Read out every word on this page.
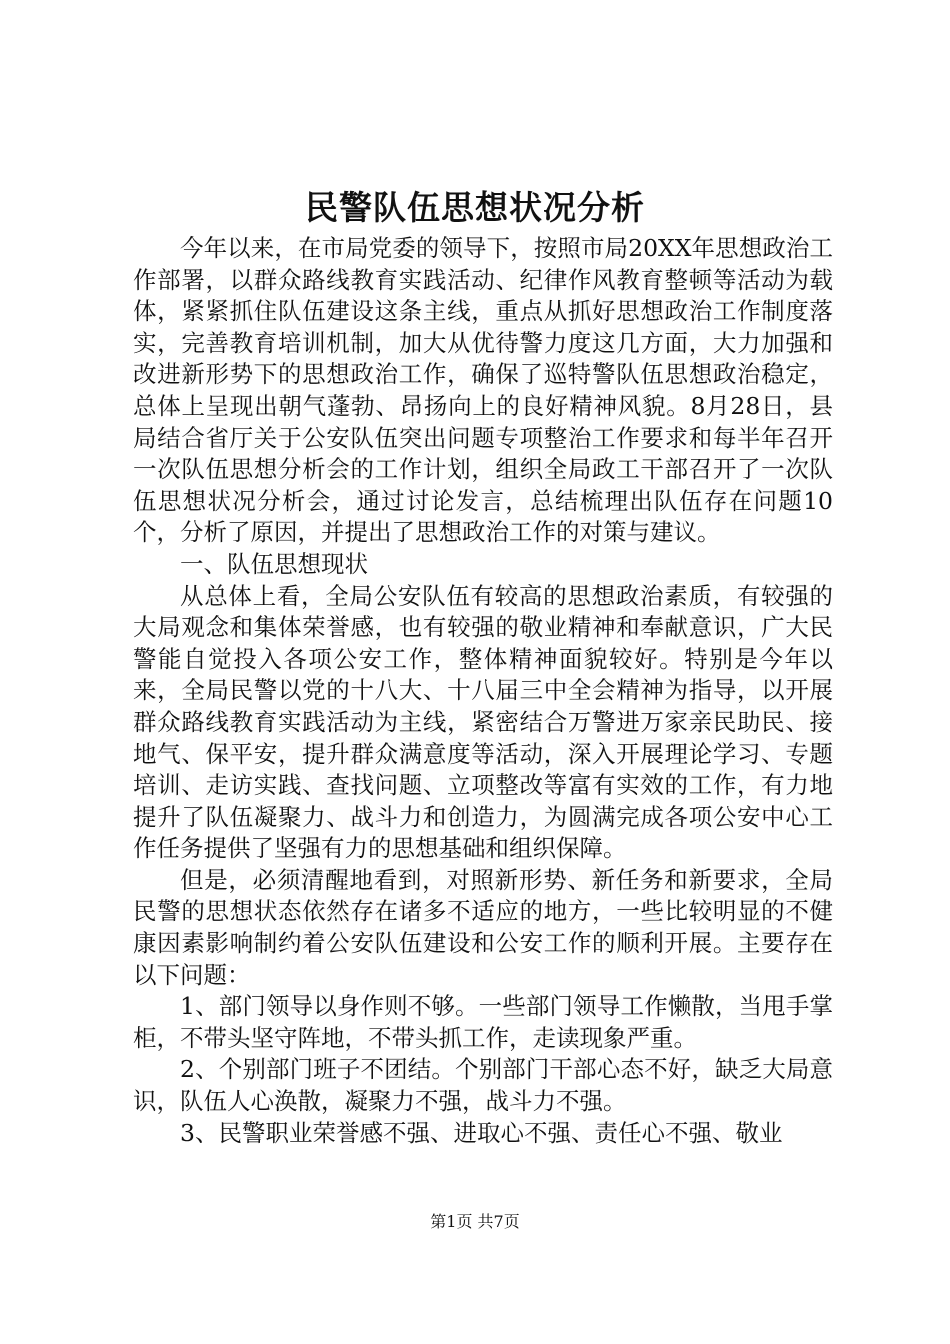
民警队伍思想状况分析

今年以来，在市局党委的领导下，按照市局20XX年思想政治工作部署，以群众路线教育实践活动、纪律作风教育整顿等活动为载体，紧紧抓住队伍建设这条主线，重点从抓好思想政治工作制度落实，完善教育培训机制，加大从优待警力度这几方面，大力加强和改进新形势下的思想政治工作，确保了巡特警队伍思想政治稳定，总体上呈现出朝气蓬勃、昂扬向上的良好精神风貌。8月28日，县局结合省厅关于公安队伍突出问题专项整治工作要求和每半年召开一次队伍思想分析会的工作计划，组织全局政工干部召开了一次队伍思想状况分析会，通过讨论发言，总结梳理出队伍存在问题10个，分析了原因，并提出了思想政治工作的对策与建议。

一、队伍思想现状

从总体上看，全局公安队伍有较高的思想政治素质，有较强的大局观念和集体荣誉感，也有较强的敬业精神和奉献意识，广大民警能自觉投入各项公安工作，整体精神面貌较好。特别是今年以来，全局民警以党的十八大、十八届三中全会精神为指导，以开展群众路线教育实践活动为主线，紧密结合万警进万家亲民助民、接地气、保平安，提升群众满意度等活动，深入开展理论学习、专题培训、走访实践、查找问题、立项整改等富有实效的工作，有力地提升了队伍凝聚力、战斗力和创造力，为圆满完成各项公安中心工作任务提供了坚强有力的思想基础和组织保障。

但是，必须清醒地看到，对照新形势、新任务和新要求，全局民警的思想状态依然存在诸多不适应的地方，一些比较明显的不健康因素影响制约着公安队伍建设和公安工作的顺利开展。主要存在以下问题：

1、部门领导以身作则不够。一些部门领导工作懒散，当甩手掌柜，不带头坚守阵地，不带头抓工作，走读现象严重。

2、个别部门班子不团结。个别部门干部心态不好，缺乏大局意识，队伍人心涣散，凝聚力不强，战斗力不强。

3、民警职业荣誉感不强、进取心不强、责任心不强、敬业

第1页 共7页
